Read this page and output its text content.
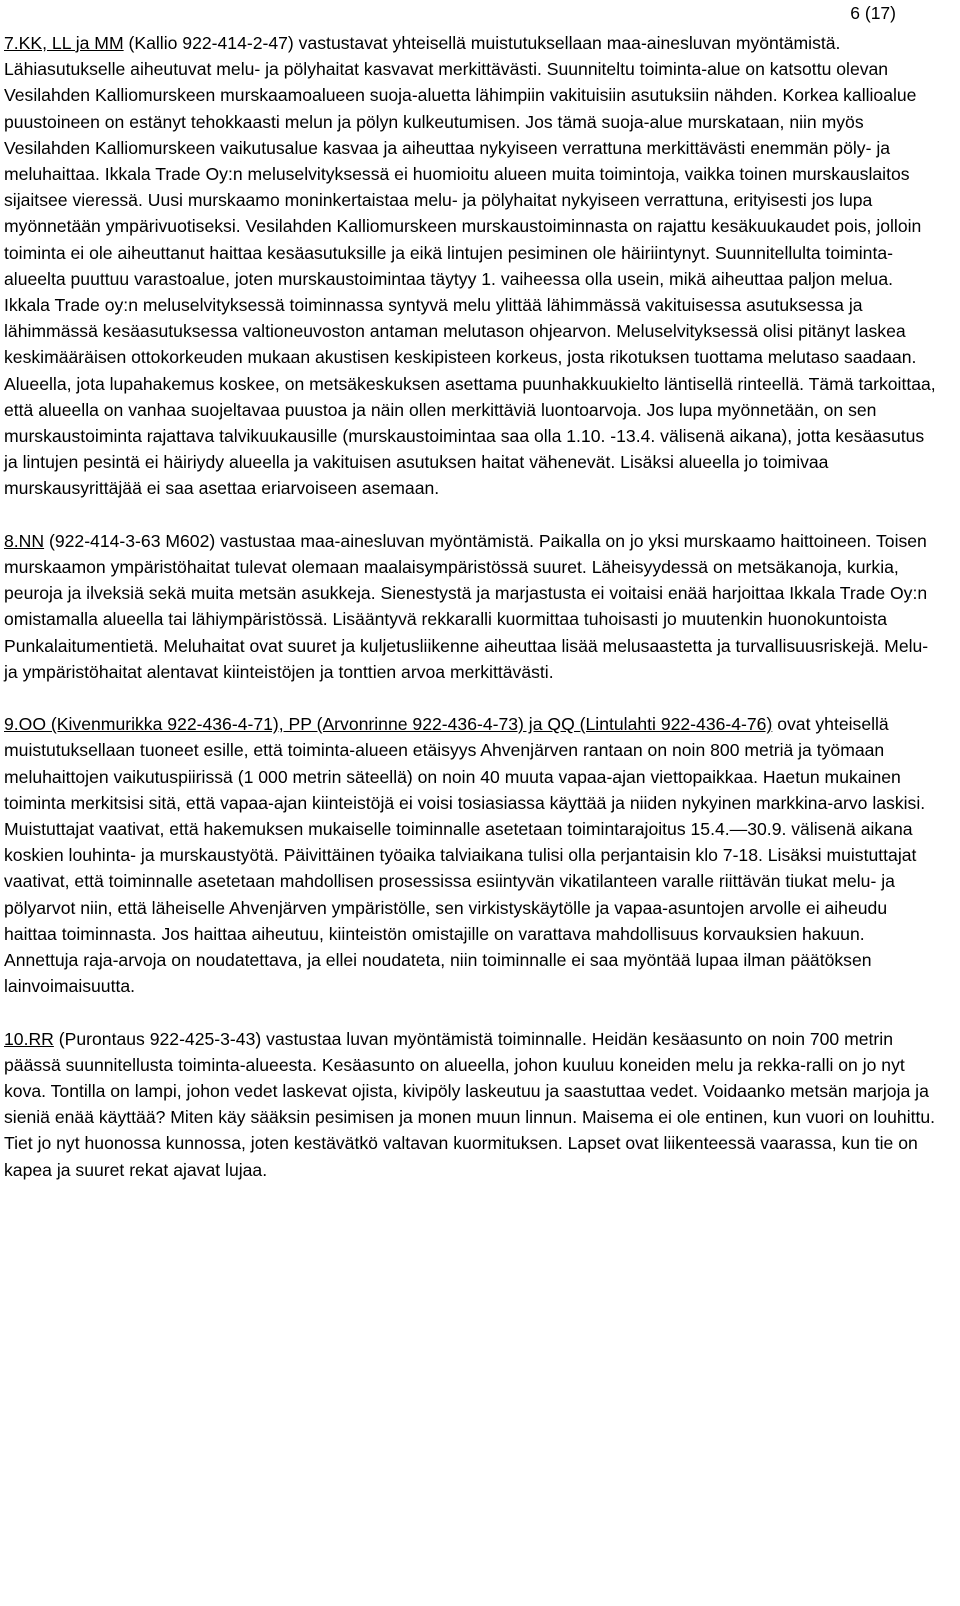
6 (17)

7.KK, LL ja MM (Kallio 922-414-2-47) vastustavat yhteisellä muistutuksellaan maa-ainesluvan myöntämistä. Lähiasutukselle aiheutuvat melu- ja pölyhaitat kasvavat merkittävästi. Suunniteltu toiminta-alue on katsottu olevan Vesilahden Kalliomurskeen murskaamoalueen suoja-aluetta lähimpiin vakituisiin asutuksiin nähden. Korkea kallioalue puustoineen on estänyt tehokkaasti melun ja pölyn kulkeutumisen. Jos tämä suoja-alue murskataan, niin myös Vesilahden Kalliomurskeen vaikutusalue kasvaa ja aiheuttaa nykyiseen verrattuna merkittävästi enemmän pöly- ja meluhaittaa. Ikkala Trade Oy:n meluselvityksessä ei huomioitu alueen muita toimintoja, vaikka toinen murskauslaitos sijaitsee vieressä. Uusi murskaamo moninkertaistaa melu- ja pölyhaitat nykyiseen verrattuna, erityisesti jos lupa myönnetään ympärivuotiseksi. Vesilahden Kalliomurskeen murskaustoiminnasta on rajattu kesäkuukaudet pois, jolloin toiminta ei ole aiheuttanut haittaa kesäasutuksille ja eikä lintujen pesiminen ole häiriintynyt. Suunnitellulta toiminta-alueelta puuttuu varastoalue, joten murskaustoimintaa täytyy 1. vaiheessa olla usein, mikä aiheuttaa paljon melua. Ikkala Trade oy:n meluselvityksessä toiminnassa syntyvä melu ylittää lähimmässä vakituisessa asutuksessa ja lähimmässä kesäasutuksessa valtioneuvoston antaman melutason ohjearvon. Meluselvityksessä olisi pitänyt laskea keskimääräisen ottokorkeuden mukaan akustisen keskipisteen korkeus, josta rikotuksen tuottama melutaso saadaan. Alueella, jota lupahakemus koskee, on metsäkeskuksen asettama puunhakkuukielto läntisellä rinteellä. Tämä tarkoittaa, että alueella on vanhaa suojeltavaa puustoa ja näin ollen merkittäviä luontoarvoja. Jos lupa myönnetään, on sen murskaustoiminta rajattava talvikuukausille (murskaustoimintaa saa olla 1.10. -13.4. välisenä aikana), jotta kesäasutus ja lintujen pesintä ei häiriydy alueella ja vakituisen asutuksen haitat vähenevät. Lisäksi alueella jo toimivaa murskausyrittäjää ei saa asettaa eriarvoiseen asemaan.

8.NN (922-414-3-63 M602) vastustaa maa-ainesluvan myöntämistä. Paikalla on jo yksi murskaamo haittoineen. Toisen murskaamon ympäristöhaitat tulevat olemaan maalaisympäristössä suuret. Läheisyydessä on metsäkanoja, kurkia, peuroja ja ilveksiä sekä muita metsän asukkeja. Sienestystä ja marjastusta ei voitaisi enää harjoittaa Ikkala Trade Oy:n omistamalla alueella tai lähiympäristössä. Lisääntyvä rekkaralli kuormittaa tuhoisasti jo muutenkin huonokuntoista Punkalaitumentietä. Meluhaitat ovat suuret ja kuljetusliikenne aiheuttaa lisää melusaastetta ja turvallisuusriskejä. Melu- ja ympäristöhaitat alentavat kiinteistöjen ja tonttien arvoa merkittävästi.

9.OO (Kivenmurikka 922-436-4-71), PP (Arvonrinne 922-436-4-73) ja QQ (Lintulahti 922-436-4-76) ovat yhteisellä muistutuksellaan tuoneet esille, että toiminta-alueen etäisyys Ahvenjärven rantaan on noin 800 metriä ja työmaan meluhaittojen vaikutuspiirissä (1 000 metrin säteellä) on noin 40 muuta vapaa-ajan viettopaikkaa. Haetun mukainen toiminta merkitsisi sitä, että vapaa-ajan kiinteistöjä ei voisi tosiasiassa käyttää ja niiden nykyinen markkina-arvo laskisi. Muistuttajat vaativat, että hakemuksen mukaiselle toiminnalle asetetaan toimintarajoitus 15.4.—30.9. välisenä aikana koskien louhinta- ja murskaustyötä. Päivittäinen työaika talviaikana tulisi olla perjantaisin klo 7-18. Lisäksi muistuttajat vaativat, että toiminnalle asetetaan mahdollisen prosessissa esiintyvän vikatilanteen varalle riittävän tiukat melu- ja pölyarvot niin, että läheiselle Ahvenjärven ympäristölle, sen virkistyskäytölle ja vapaa-asuntojen arvolle ei aiheudu haittaa toiminnasta. Jos haittaa aiheutuu, kiinteistön omistajille on varattava mahdollisuus korvauksien hakuun. Annettuja raja-arvoja on noudatettava, ja ellei noudateta, niin toiminnalle ei saa myöntää lupaa ilman päätöksen lainvoimaisuutta.

10.RR (Purontaus 922-425-3-43) vastustaa luvan myöntämistä toiminnalle. Heidän kesäasunto on noin 700 metrin päässä suunnitellusta toiminta-alueesta. Kesäasunto on alueella, johon kuuluu koneiden melu ja rekka-ralli on jo nyt kova. Tontilla on lampi, johon vedet laskevat ojista, kivipöly laskeutuu ja saastuttaa vedet. Voidaanko metsän marjoja ja sieniä enää käyttää? Miten käy sääksin pesimisen ja monen muun linnun. Maisema ei ole entinen, kun vuori on louhittu. Tiet jo nyt huonossa kunnossa, joten kestävätkö valtavan kuormituksen. Lapset ovat liikenteessä vaarassa, kun tie on kapea ja suuret rekat ajavat lujaa.
